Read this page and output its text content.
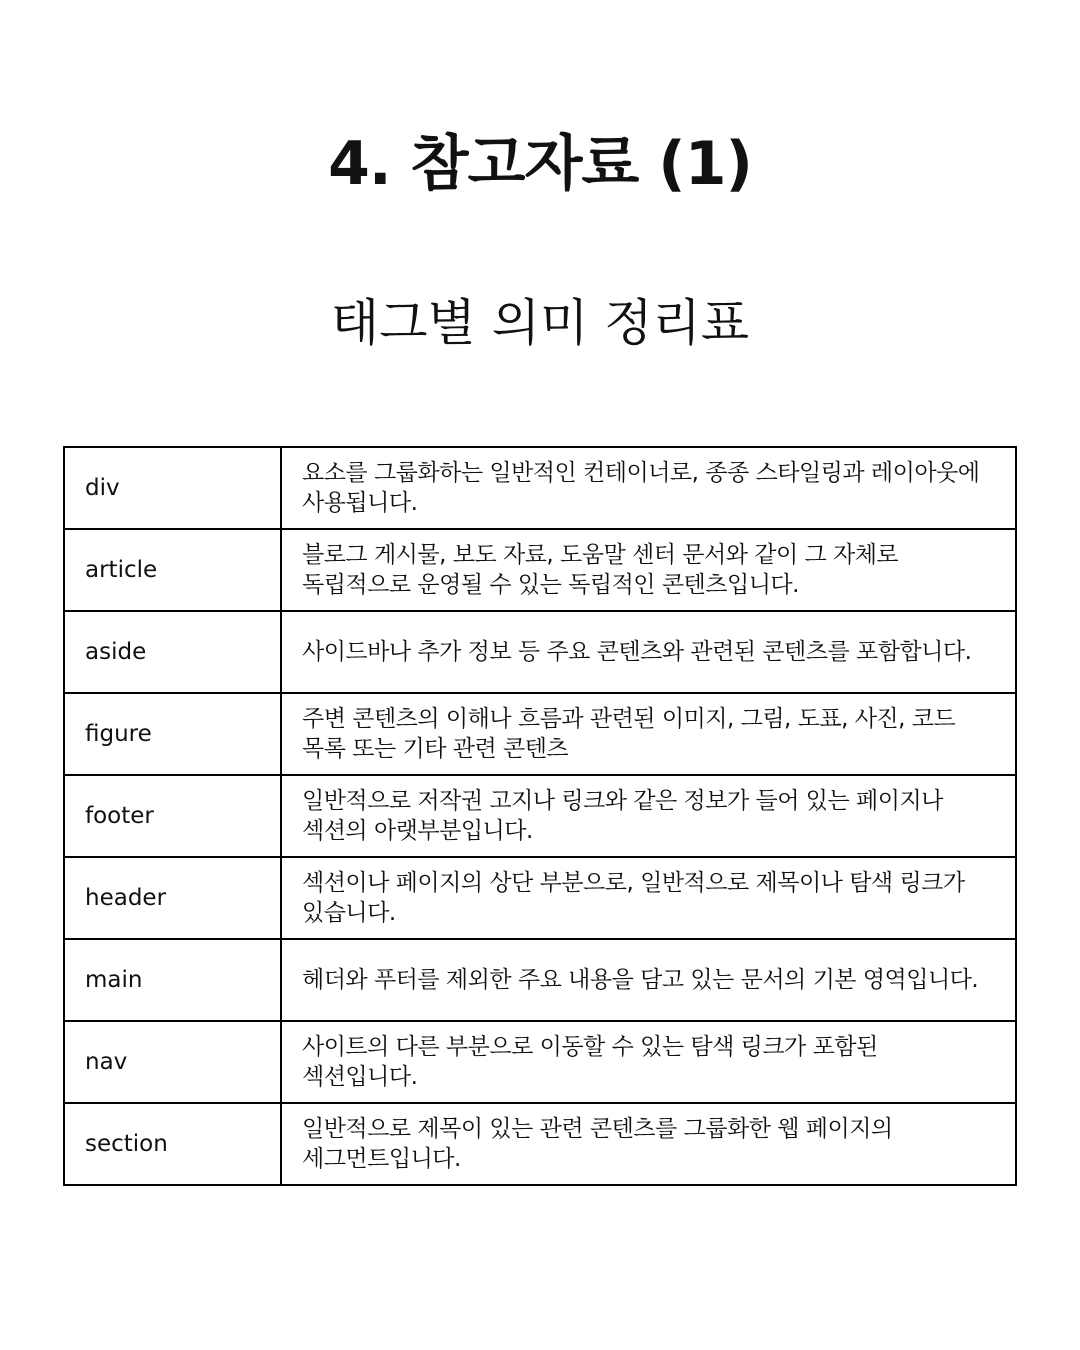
4. 참고자료 (1)
태그별 의미 정리표
div	요소를 그룹화하는 일반적인 컨테이너로, 종종 스타일링과 레이아웃에 사용됩니다.
article	블로그 게시물, 보도 자료, 도움말 센터 문서와 같이 그 자체로 독립적으로 운영될 수 있는 독립적인 콘텐츠입니다.
aside	사이드바나 추가 정보 등 주요 콘텐츠와 관련된 콘텐츠를 포함합니다.
figure	주변 콘텐츠의 이해나 흐름과 관련된 이미지, 그림, 도표, 사진, 코드 목록 또는 기타 관련 콘텐츠
footer	일반적으로 저작권 고지나 링크와 같은 정보가 들어 있는 페이지나 섹션의 아랫부분입니다.
header	섹션이나 페이지의 상단 부분으로, 일반적으로 제목이나 탐색 링크가 있습니다.
main	헤더와 푸터를 제외한 주요 내용을 담고 있는 문서의 기본 영역입니다.
nav	사이트의 다른 부분으로 이동할 수 있는 탐색 링크가 포함된 섹션입니다.
section	일반적으로 제목이 있는 관련 콘텐츠를 그룹화한 웹 페이지의 세그먼트입니다.
